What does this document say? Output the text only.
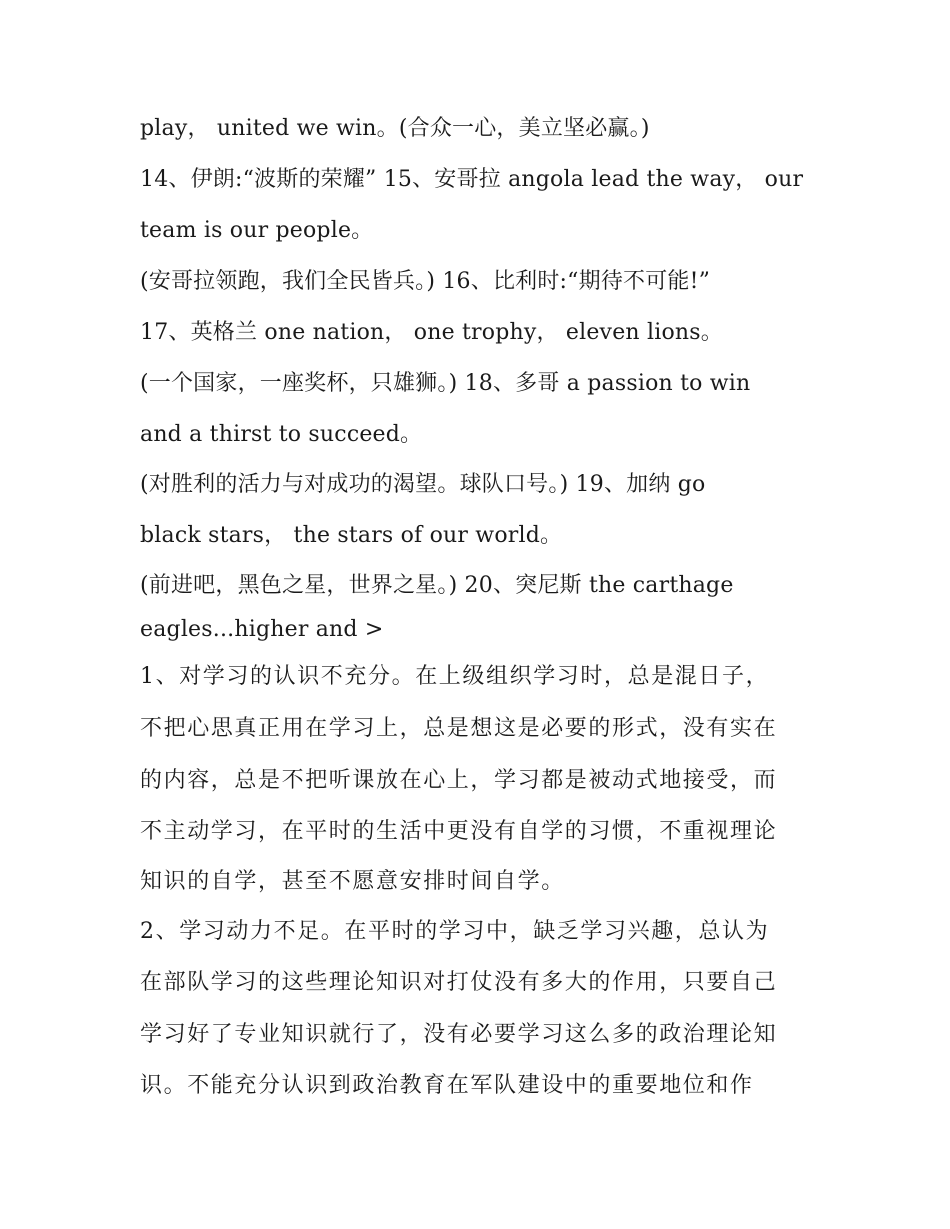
play， united we win。(合众一心，美立坚必赢。)
14、伊朗:“波斯的荣耀” 15、安哥拉 angola lead the way， our
team is our people。
(安哥拉领跑，我们全民皆兵。) 16、比利时:“期待不可能!”
17、英格兰 one nation， one trophy， eleven lions。
(一个国家，一座奖杯，只雄狮。) 18、多哥 a passion to win
and a thirst to succeed。
(对胜利的活力与对成功的渴望。球队口号。) 19、加纳 go
black stars， the stars of our world。
(前进吧，黑色之星，世界之星。) 20、突尼斯 the carthage
eagles...higher and >
1、对学习的认识不充分。在上级组织学习时，总是混日子，
不把心思真正用在学习上，总是想这是必要的形式，没有实在
的内容，总是不把听课放在心上，学习都是被动式地接受，而
不主动学习，在平时的生活中更没有自学的习惯，不重视理论
知识的自学，甚至不愿意安排时间自学。
2、学习动力不足。在平时的学习中，缺乏学习兴趣，总认为
在部队学习的这些理论知识对打仗没有多大的作用，只要自己
学习好了专业知识就行了，没有必要学习这么多的政治理论知
识。不能充分认识到政治教育在军队建设中的重要地位和作
